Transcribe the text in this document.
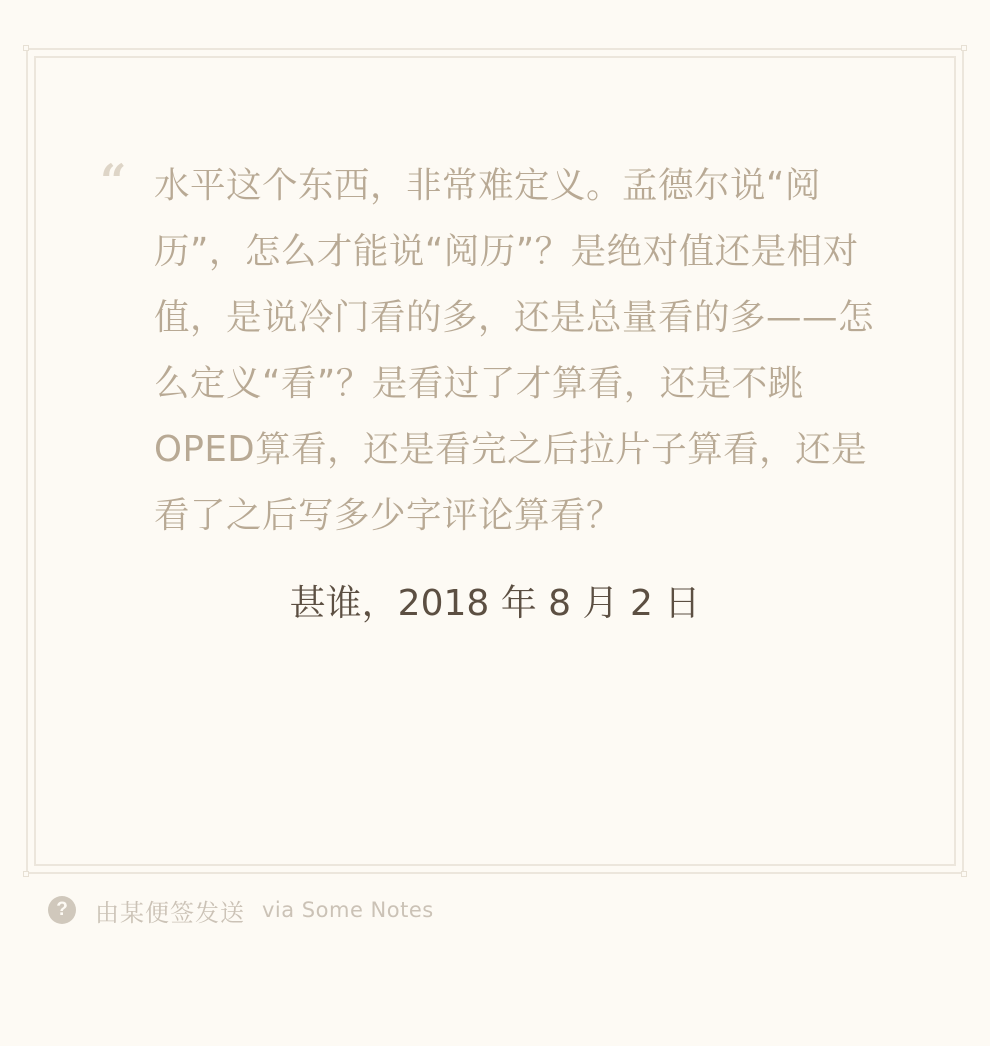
“ 水平这个东西，非常难定义。孟德尔说“阅历”，怎么才能说“阅历”？是绝对值还是相对值，是说冷门看的多，还是总量看的多——怎么定义“看”？是看过了才算看，还是不跳OPED算看，还是看完之后拉片子算看，还是看了之后写多少字评论算看？
甚谁，2018 年 8 月 2 日
?	由某便签发送 via Some Notes
